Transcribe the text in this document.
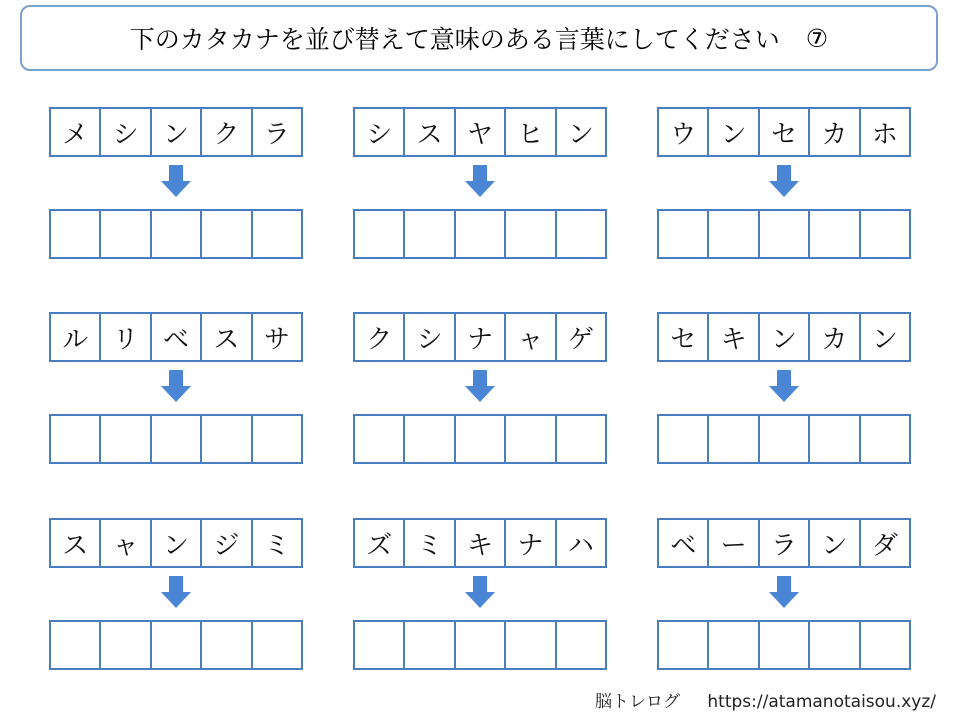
下のカタカナを並び替えて意味のある言葉にしてください ⑦
メ シ ン ク ラ	シ ス ヤ ヒ ン	ウ ン セ カ ホ
ル リ ベ ス サ	ク シ ナ ャ ゲ	セ キ ン カ ン
ス ャ ン ジ ミ	ズ ミ キ ナ ハ	ベ ー ラ ン ダ
脳トレログ https://atamanotaisou.xyz/
